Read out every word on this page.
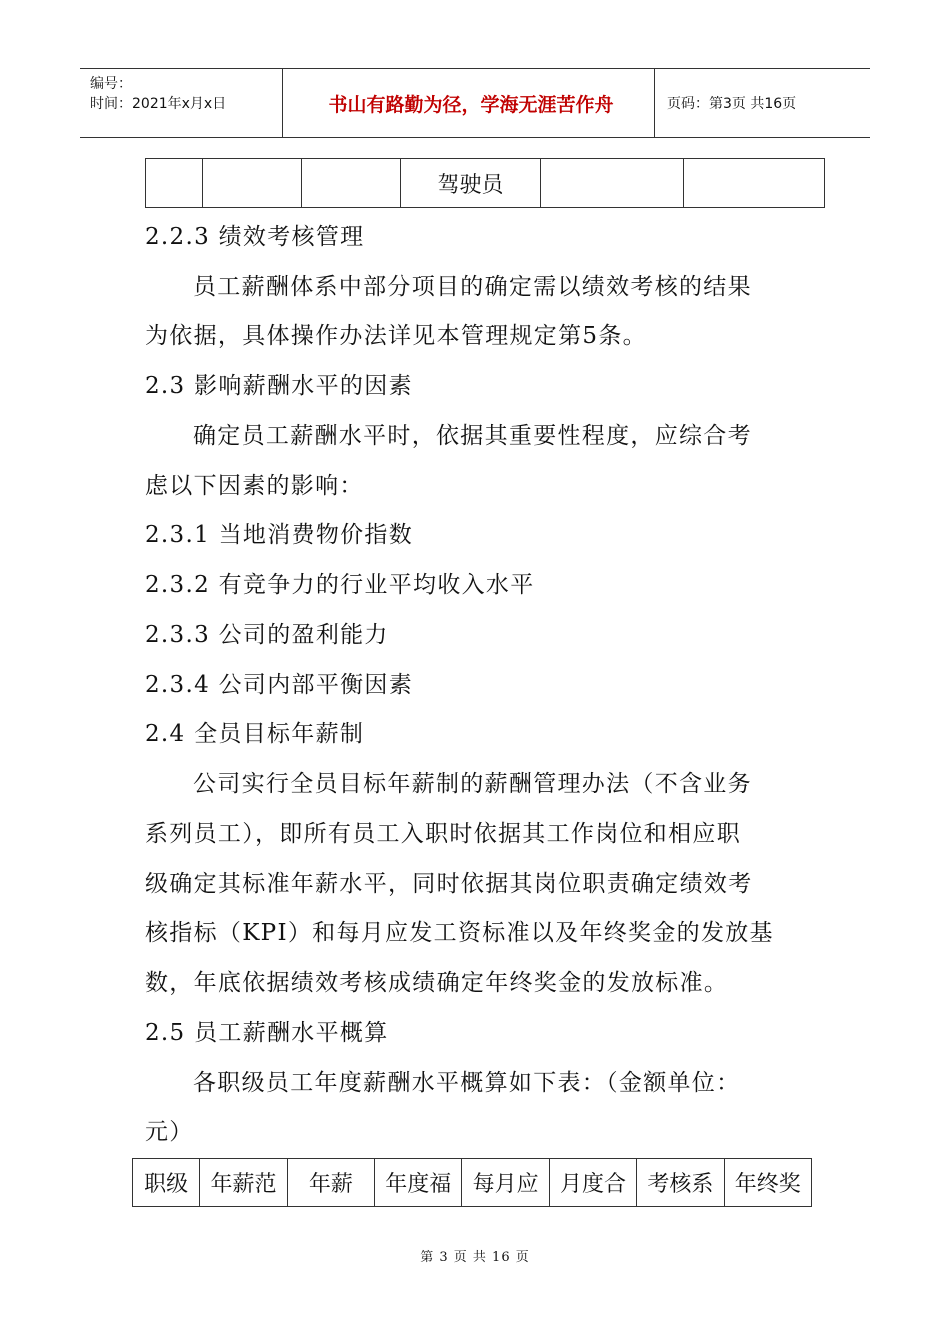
编号：
时间：2021年x月x日	书山有路勤为径，学海无涯苦作舟	页码：第3页 共16页
			驾驶员		
2.2.3 绩效考核管理
员工薪酬体系中部分项目的确定需以绩效考核的结果
为依据，具体操作办法详见本管理规定第5条。
2.3 影响薪酬水平的因素
确定员工薪酬水平时，依据其重要性程度，应综合考
虑以下因素的影响：
2.3.1 当地消费物价指数
2.3.2 有竞争力的行业平均收入水平
2.3.3 公司的盈利能力
2.3.4 公司内部平衡因素
2.4 全员目标年薪制
公司实行全员目标年薪制的薪酬管理办法（不含业务
系列员工），即所有员工入职时依据其工作岗位和相应职
级确定其标准年薪水平，同时依据其岗位职责确定绩效考
核指标（KPI）和每月应发工资标准以及年终奖金的发放基
数，年底依据绩效考核成绩确定年终奖金的发放标准。
2.5 员工薪酬水平概算
各职级员工年度薪酬水平概算如下表：（金额单位：
元）
职级	年薪范	年薪	年度福	每月应	月度合	考核系	年终奖
第 3 页 共 16 页
